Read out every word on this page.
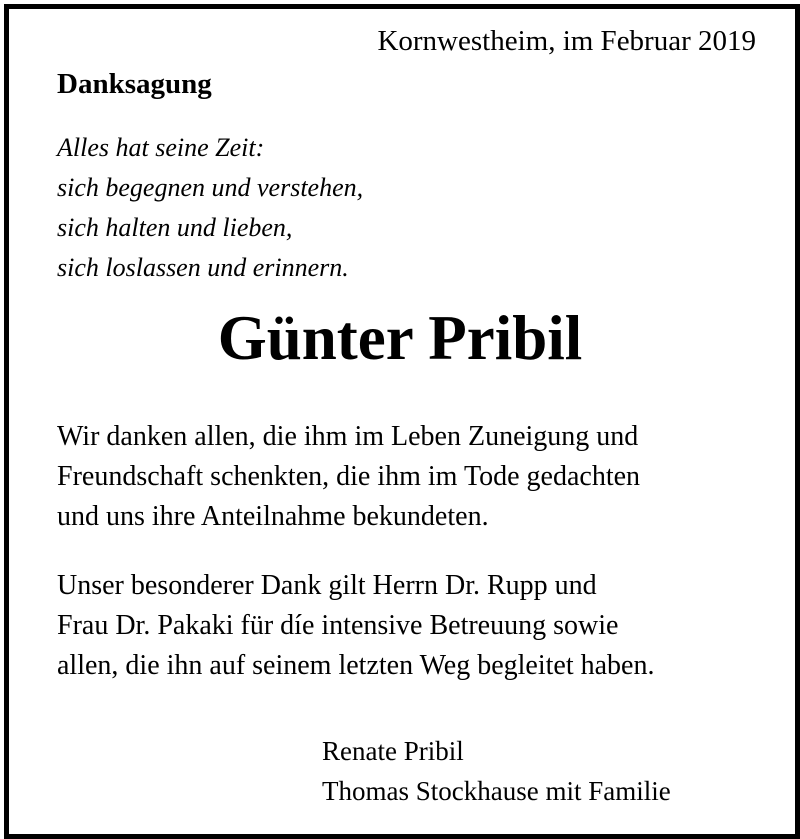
Kornwestheim, im Februar 2019
Danksagung
Alles hat seine Zeit:
sich begegnen und verstehen,
sich halten und lieben,
sich loslassen und erinnern.
Günter Pribil
Wir danken allen, die ihm im Leben Zuneigung und
Freundschaft schenkten, die ihm im Tode gedachten
und uns ihre Anteilnahme bekundeten.
Unser besonderer Dank gilt Herrn Dr. Rupp und
Frau Dr. Pakaki für díe intensive Betreuung sowie
allen, die ihn auf seinem letzten Weg begleitet haben.
Renate Pribil
Thomas Stockhause mit Familie
